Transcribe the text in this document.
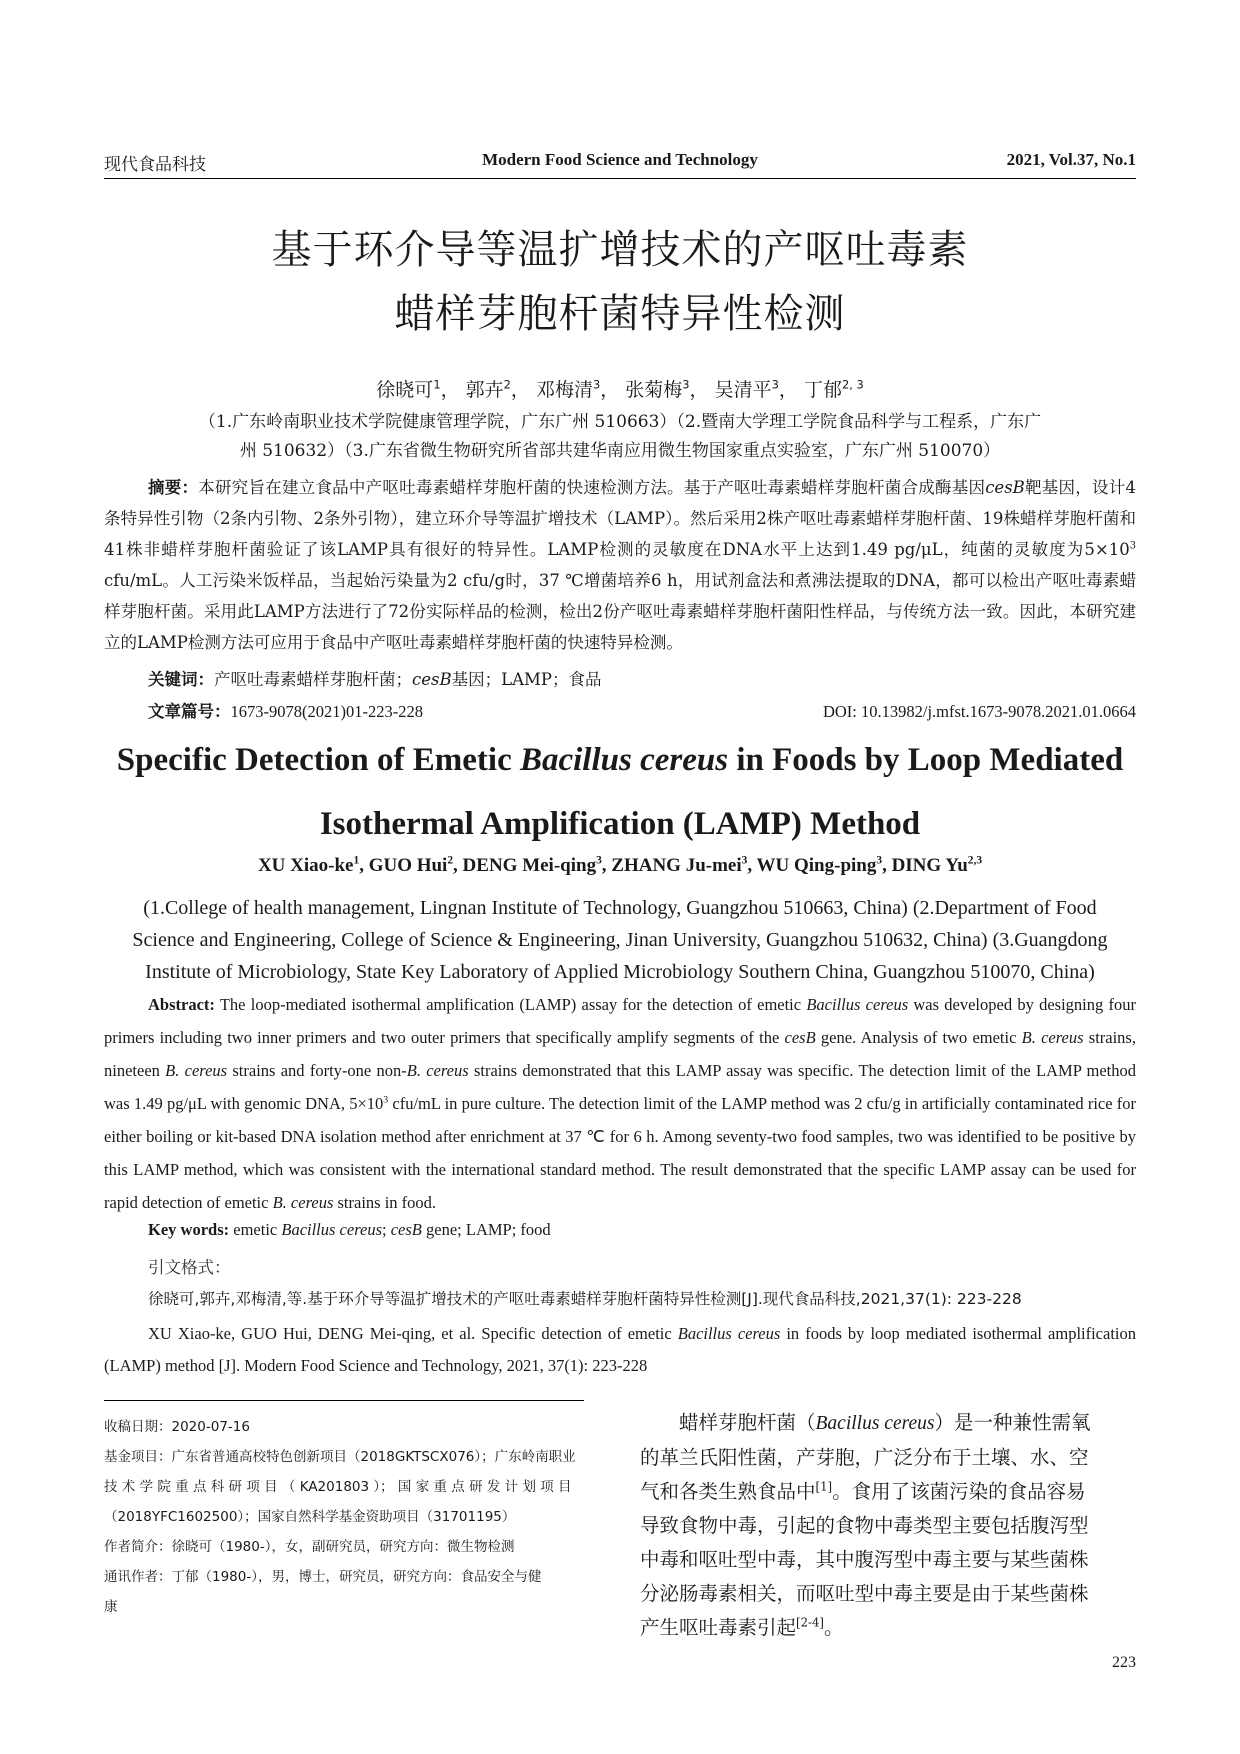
现代食品科技	Modern Food Science and Technology	2021, Vol.37, No.1
基于环介导等温扩增技术的产呕吐毒素
蜡样芽胞杆菌特异性检测
徐晓可$^1$， 郭卉$^2$， 邓梅清$^3$， 张菊梅$^3$， 吴清平$^3$， 丁郁$^{2, 3}$
（1.广东岭南职业技术学院健康管理学院，广东广州 510663）（2.暨南大学理工学院食品科学与工程系，广东广
州 510632）（3.广东省微生物研究所省部共建华南应用微生物国家重点实验室，广东广州 510070）
摘要：本研究旨在建立食品中产呕吐毒素蜡样芽胞杆菌的快速检测方法。基于产呕吐毒素蜡样芽胞杆菌合成酶基因cesB靶基因，设计4条特异性引物（2条内引物、2条外引物），建立环介导等温扩增技术（LAMP）。然后采用2株产呕吐毒素蜡样芽胞杆菌、19株蜡样芽胞杆菌和41株非蜡样芽胞杆菌验证了该LAMP具有很好的特异性。LAMP检测的灵敏度在DNA水平上达到1.49 pg/μL，纯菌的灵敏度为$5\times 10^3$ cfu/mL。人工污染米饭样品，当起始污染量为2 cfu/g时，37 ℃增菌培养6 h，用试剂盒法和煮沸法提取的DNA，都可以检出产呕吐毒素蜡样芽胞杆菌。采用此LAMP方法进行了72份实际样品的检测，检出2份产呕吐毒素蜡样芽胞杆菌阳性样品，与传统方法一致。因此，本研究建立的LAMP检测方法可应用于食品中产呕吐毒素蜡样芽胞杆菌的快速特异检测。
关键词：产呕吐毒素蜡样芽胞杆菌；cesB基因；LAMP；食品
文章篇号：1673-9078(2021)01-223-228	DOI: 10.13982/j.mfst.1673-9078.2021.01.0664
Specific Detection of Emetic Bacillus cereus in Foods by Loop Mediated
Isothermal Amplification (LAMP) Method
XU Xiao-$ke^1$, GUO Hui$^2$, DENG Mei-qing$^3$, ZHANG Ju-mei$^3$, WU Qing-ping$^3$, DING Yu$^{2,3}$
(1.College of health management, Lingnan Institute of Technology, Guangzhou 510663, China) (2.Department of Food
Science and Engineering, College of Science & Engineering, Jinan University, Guangzhou 510632, China) (3.Guangdong
Institute of Microbiology, State Key Laboratory of Applied Microbiology Southern China, Guangzhou 510070, China)
Abstract: The loop-mediated isothermal amplification (LAMP) assay for the detection of emetic Bacillus cereus was developed by designing four primers including two inner primers and two outer primers that specifically amplify segments of the cesB gene. Analysis of two emetic B. cereus strains, nineteen B. cereus strains and forty-one non-B. cereus strains demonstrated that this LAMP assay was specific. The detection limit of the LAMP method was 1.49 pg/μL with genomic DNA, $5\times 10^3$ cfu/mL in pure culture. The detection limit of the LAMP method was 2 cfu/g in artificially contaminated rice for either boiling or kit-based DNA isolation method after enrichment at 37 ℃ for 6 h. Among seventy-two food samples, two was identified to be positive by this LAMP method, which was consistent with the international standard method. The result demonstrated that the specific LAMP assay can be used for rapid detection of emetic B. cereus strains in food.
Key words: emetic Bacillus cereus; cesB gene; LAMP; food
引文格式：
徐晓可,郭卉,邓梅清,等.基于环介导等温扩增技术的产呕吐毒素蜡样芽胞杆菌特异性检测[J].现代食品科技,2021,37(1): 223-228
XU Xiao-ke, GUO Hui, DENG Mei-qing, et al. Specific detection of emetic Bacillus cereus in foods by loop mediated isothermal amplification (LAMP) method [J]. Modern Food Science and Technology, 2021, 37(1): 223-228
收稿日期：2020-07-16
基金项目：广东省普通高校特色创新项目（2018GKTSCX076）；广东岭南职业
技 术 学 院 重 点 科 研 项 目 （ KA201803 ）； 国 家 重 点 研 发 计 划 项 目
（2018YFC1602500）；国家自然科学基金资助项目（31701195）
作者简介：徐晓可（1980-），女，副研究员，研究方向：微生物检测
通讯作者：丁郁（1980-），男，博士，研究员，研究方向：食品安全与健
康
蜡样芽胞杆菌（Bacillus cereus）是一种兼性需氧
的革兰氏阳性菌，产芽胞，广泛分布于土壤、水、空
气和各类生熟食品中[1]。食用了该菌污染的食品容易
导致食物中毒，引起的食物中毒类型主要包括腹泻型
中毒和呕吐型中毒，其中腹泻型中毒主要与某些菌株
分泌肠毒素相关，而呕吐型中毒主要是由于某些菌株
产生呕吐毒素引起[2-4]。
223
